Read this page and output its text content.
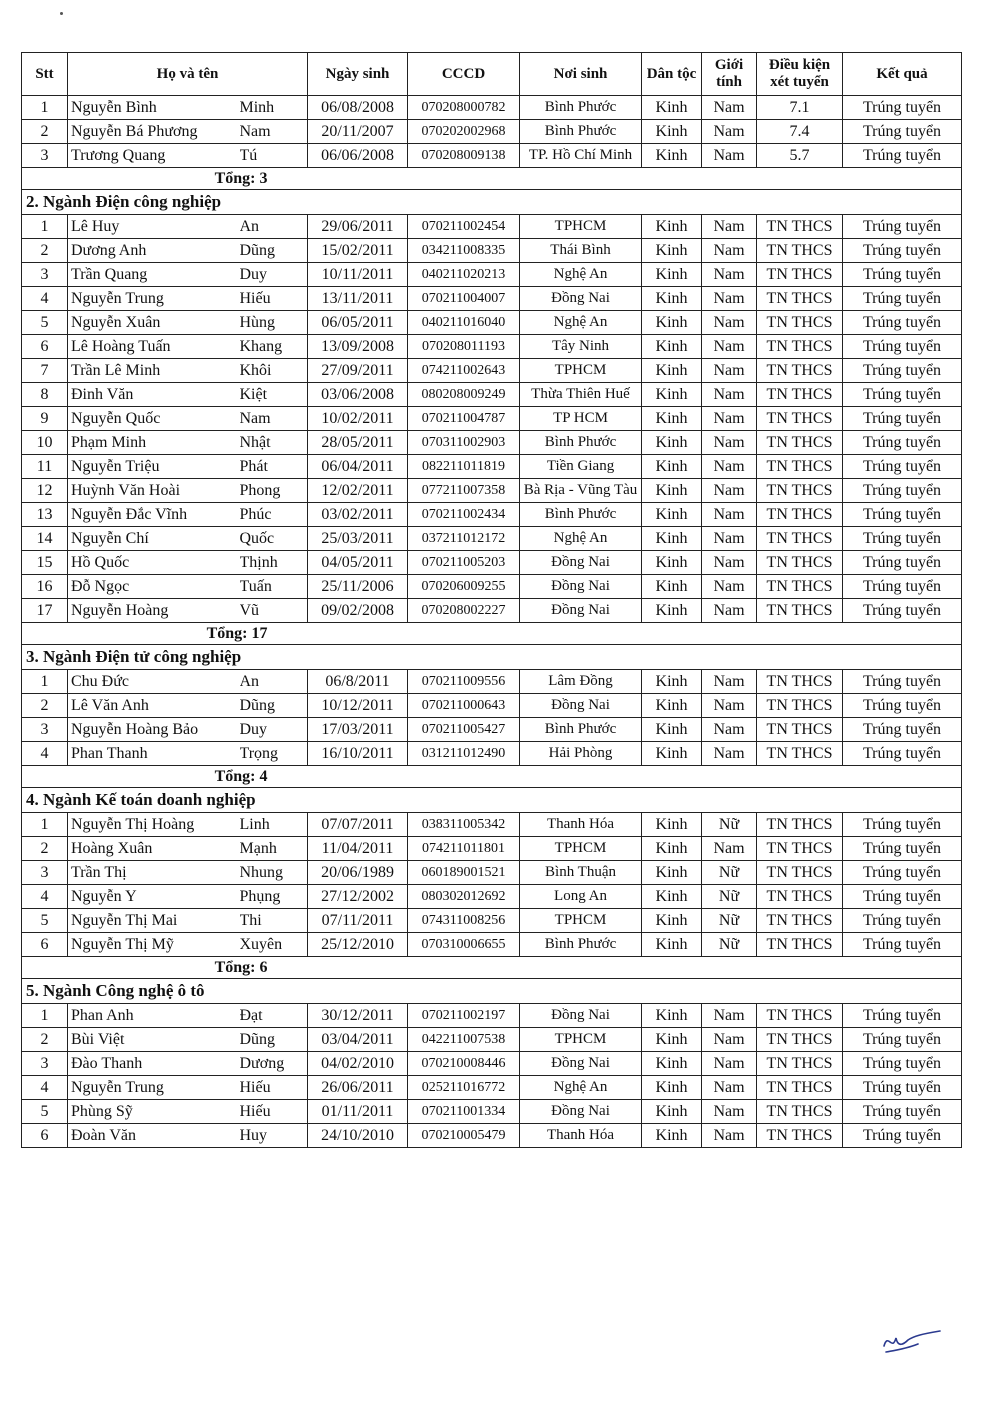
Stt	Họ và tên		Ngày sinh	CCCD	Nơi sinh	Dân tộc	Giới tính	Điều kiện xét tuyển	Kết quả
1	Nguyễn Bình	Minh	06/08/2008	070208000782	Bình Phước	Kinh	Nam	7.1	Trúng tuyển
2	Nguyễn Bá Phương	Nam	20/11/2007	070202002968	Bình Phước	Kinh	Nam	7.4	Trúng tuyển
3	Trương Quang	Tú	06/06/2008	070208009138	TP. Hồ Chí Minh	Kinh	Nam	5.7	Trúng tuyển
Tổng: 3									
2. Ngành Điện công nghiệp									
1	Lê Huy	An	29/06/2011	070211002454	TPHCM	Kinh	Nam	TN THCS	Trúng tuyển
2	Dương Anh	Dũng	15/02/2011	034211008335	Thái Bình	Kinh	Nam	TN THCS	Trúng tuyển
3	Trần Quang	Duy	10/11/2011	040211020213	Nghệ An	Kinh	Nam	TN THCS	Trúng tuyển
4	Nguyễn Trung	Hiếu	13/11/2011	070211004007	Đồng Nai	Kinh	Nam	TN THCS	Trúng tuyển
5	Nguyễn Xuân	Hùng	06/05/2011	040211016040	Nghệ An	Kinh	Nam	TN THCS	Trúng tuyển
6	Lê Hoàng Tuấn	Khang	13/09/2008	070208011193	Tây Ninh	Kinh	Nam	TN THCS	Trúng tuyển
7	Trần Lê Minh	Khôi	27/09/2011	074211002643	TPHCM	Kinh	Nam	TN THCS	Trúng tuyển
8	Đinh Văn	Kiệt	03/06/2008	080208009249	Thừa Thiên Huế	Kinh	Nam	TN THCS	Trúng tuyển
9	Nguyễn Quốc	Nam	10/02/2011	070211004787	TP HCM	Kinh	Nam	TN THCS	Trúng tuyển
10	Phạm Minh	Nhật	28/05/2011	070311002903	Bình Phước	Kinh	Nam	TN THCS	Trúng tuyển
11	Nguyễn Triệu	Phát	06/04/2011	082211011819	Tiền Giang	Kinh	Nam	TN THCS	Trúng tuyển
12	Huỳnh Văn Hoài	Phong	12/02/2011	077211007358	Bà Rịa - Vũng Tàu	Kinh	Nam	TN THCS	Trúng tuyển
13	Nguyễn Đắc Vĩnh	Phúc	03/02/2011	070211002434	Bình Phước	Kinh	Nam	TN THCS	Trúng tuyển
14	Nguyễn Chí	Quốc	25/03/2011	037211012172	Nghệ An	Kinh	Nam	TN THCS	Trúng tuyển
15	Hồ Quốc	Thịnh	04/05/2011	070211005203	Đồng Nai	Kinh	Nam	TN THCS	Trúng tuyển
16	Đỗ Ngọc	Tuấn	25/11/2006	070206009255	Đồng Nai	Kinh	Nam	TN THCS	Trúng tuyển
17	Nguyễn Hoàng	Vũ	09/02/2008	070208002227	Đồng Nai	Kinh	Nam	TN THCS	Trúng tuyển
Tổng: 17									
3. Ngành Điện tử công nghiệp									
1	Chu Đức	An	06/8/2011	070211009556	Lâm Đồng	Kinh	Nam	TN THCS	Trúng tuyển
2	Lê Văn Anh	Dũng	10/12/2011	070211000643	Đồng Nai	Kinh	Nam	TN THCS	Trúng tuyển
3	Nguyễn Hoàng Bảo	Duy	17/03/2011	070211005427	Bình Phước	Kinh	Nam	TN THCS	Trúng tuyển
4	Phan Thanh	Trọng	16/10/2011	031211012490	Hải Phòng	Kinh	Nam	TN THCS	Trúng tuyển
Tổng: 4									
4. Ngành Kế toán doanh nghiệp									
1	Nguyễn Thị Hoàng	Linh	07/07/2011	038311005342	Thanh Hóa	Kinh	Nữ	TN THCS	Trúng tuyển
2	Hoàng Xuân	Mạnh	11/04/2011	074211011801	TPHCM	Kinh	Nam	TN THCS	Trúng tuyển
3	Trần Thị	Nhung	20/06/1989	060189001521	Bình Thuận	Kinh	Nữ	TN THCS	Trúng tuyển
4	Nguyễn Y	Phụng	27/12/2002	080302012692	Long An	Kinh	Nữ	TN THCS	Trúng tuyển
5	Nguyễn Thị Mai	Thi	07/11/2011	074311008256	TPHCM	Kinh	Nữ	TN THCS	Trúng tuyển
6	Nguyễn Thị Mỹ	Xuyên	25/12/2010	070310006655	Bình Phước	Kinh	Nữ	TN THCS	Trúng tuyển
Tổng: 6									
5. Ngành Công nghệ ô tô									
1	Phan Anh	Đạt	30/12/2011	070211002197	Đồng Nai	Kinh	Nam	TN THCS	Trúng tuyển
2	Bùi Việt	Dũng	03/04/2011	042211007538	TPHCM	Kinh	Nam	TN THCS	Trúng tuyển
3	Đào Thanh	Dương	04/02/2010	070210008446	Đồng Nai	Kinh	Nam	TN THCS	Trúng tuyển
4	Nguyễn Trung	Hiếu	26/06/2011	025211016772	Nghệ An	Kinh	Nam	TN THCS	Trúng tuyển
5	Phùng Sỹ	Hiếu	01/11/2011	070211001334	Đồng Nai	Kinh	Nam	TN THCS	Trúng tuyển
6	Đoàn Văn	Huy	24/10/2010	070210005479	Thanh Hóa	Kinh	Nam	TN THCS	Trúng tuyển
